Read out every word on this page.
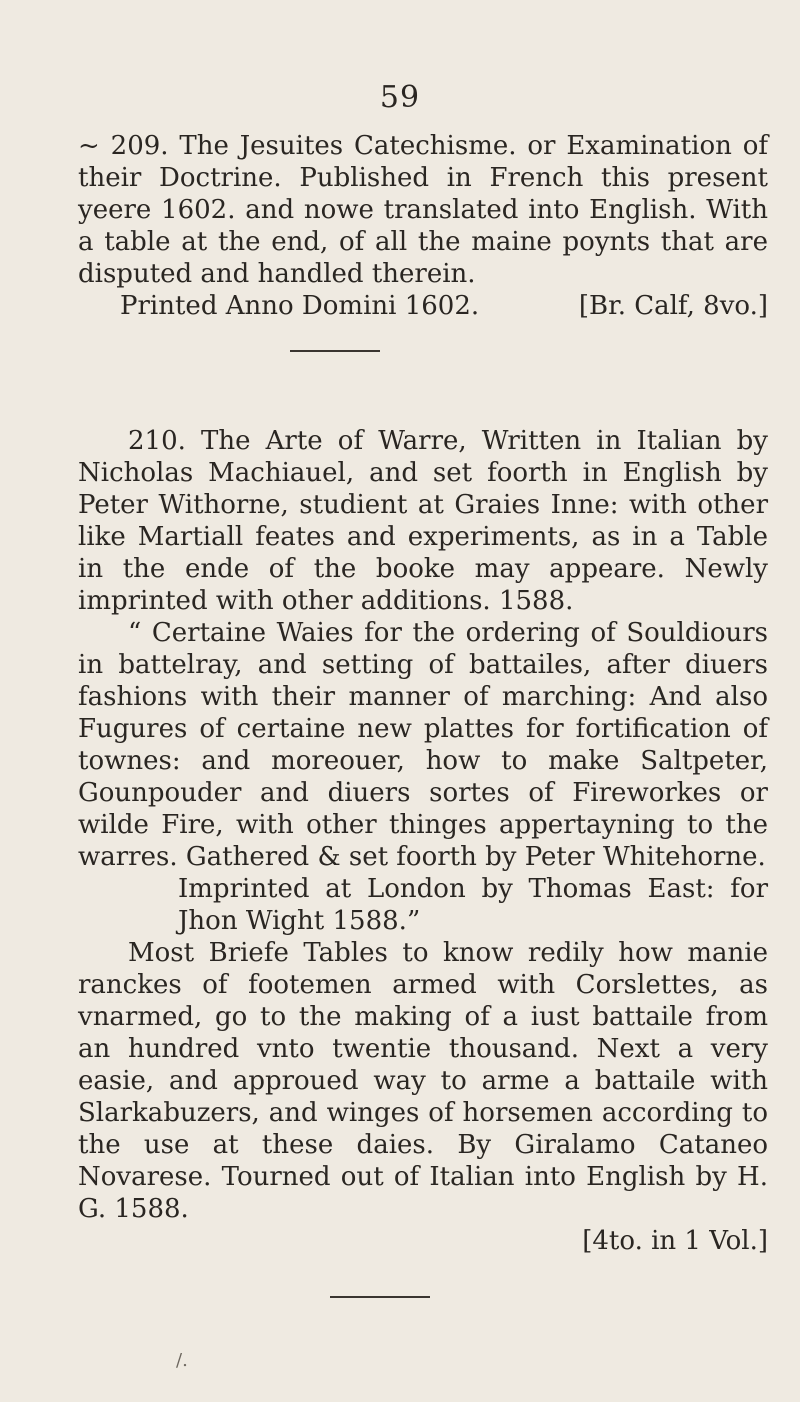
59

~ 209. The Jesuites Catechisme. or Examination of their Doctrine. Published in French this present yeere 1602. and nowe translated into English. With a table at the end, of all the maine poynts that are disputed and handled therein.

Printed Anno Domini 1602.	[Br. Calf, 8vo.]

210. The Arte of Warre, Written in Italian by Nicholas Machiauel, and set foorth in English by Peter Withorne, studient at Graies Inne: with other like Martiall feates and experiments, as in a Table in the ende of the booke may appeare. Newly imprinted with other additions. 1588.

“ Certaine Waies for the ordering of Souldiours in battelray, and setting of battailes, after diuers fashions with their manner of marching: And also Fugures of certaine new plattes for fortification of townes: and moreouer, how to make Saltpeter, Gounpouder and diuers sortes of Fireworkes or wilde Fire, with other thinges appertayning to the warres. Gathered & set foorth by Peter Whitehorne.

Imprinted at London by Thomas East: for Jhon Wight 1588.”

Most Briefe Tables to know redily how manie ranckes of footemen armed with Corslettes, as vnarmed, go to the making of a iust battaile from an hundred vnto twentie thousand. Next a very easie, and approued way to arme a battaile with Slarkabuzers, and winges of horsemen according to the use at these daies. By Giralamo Cataneo Novarese. Tourned out of Italian into English by H. G. 1588.

[4to. in 1 Vol.]
/.
